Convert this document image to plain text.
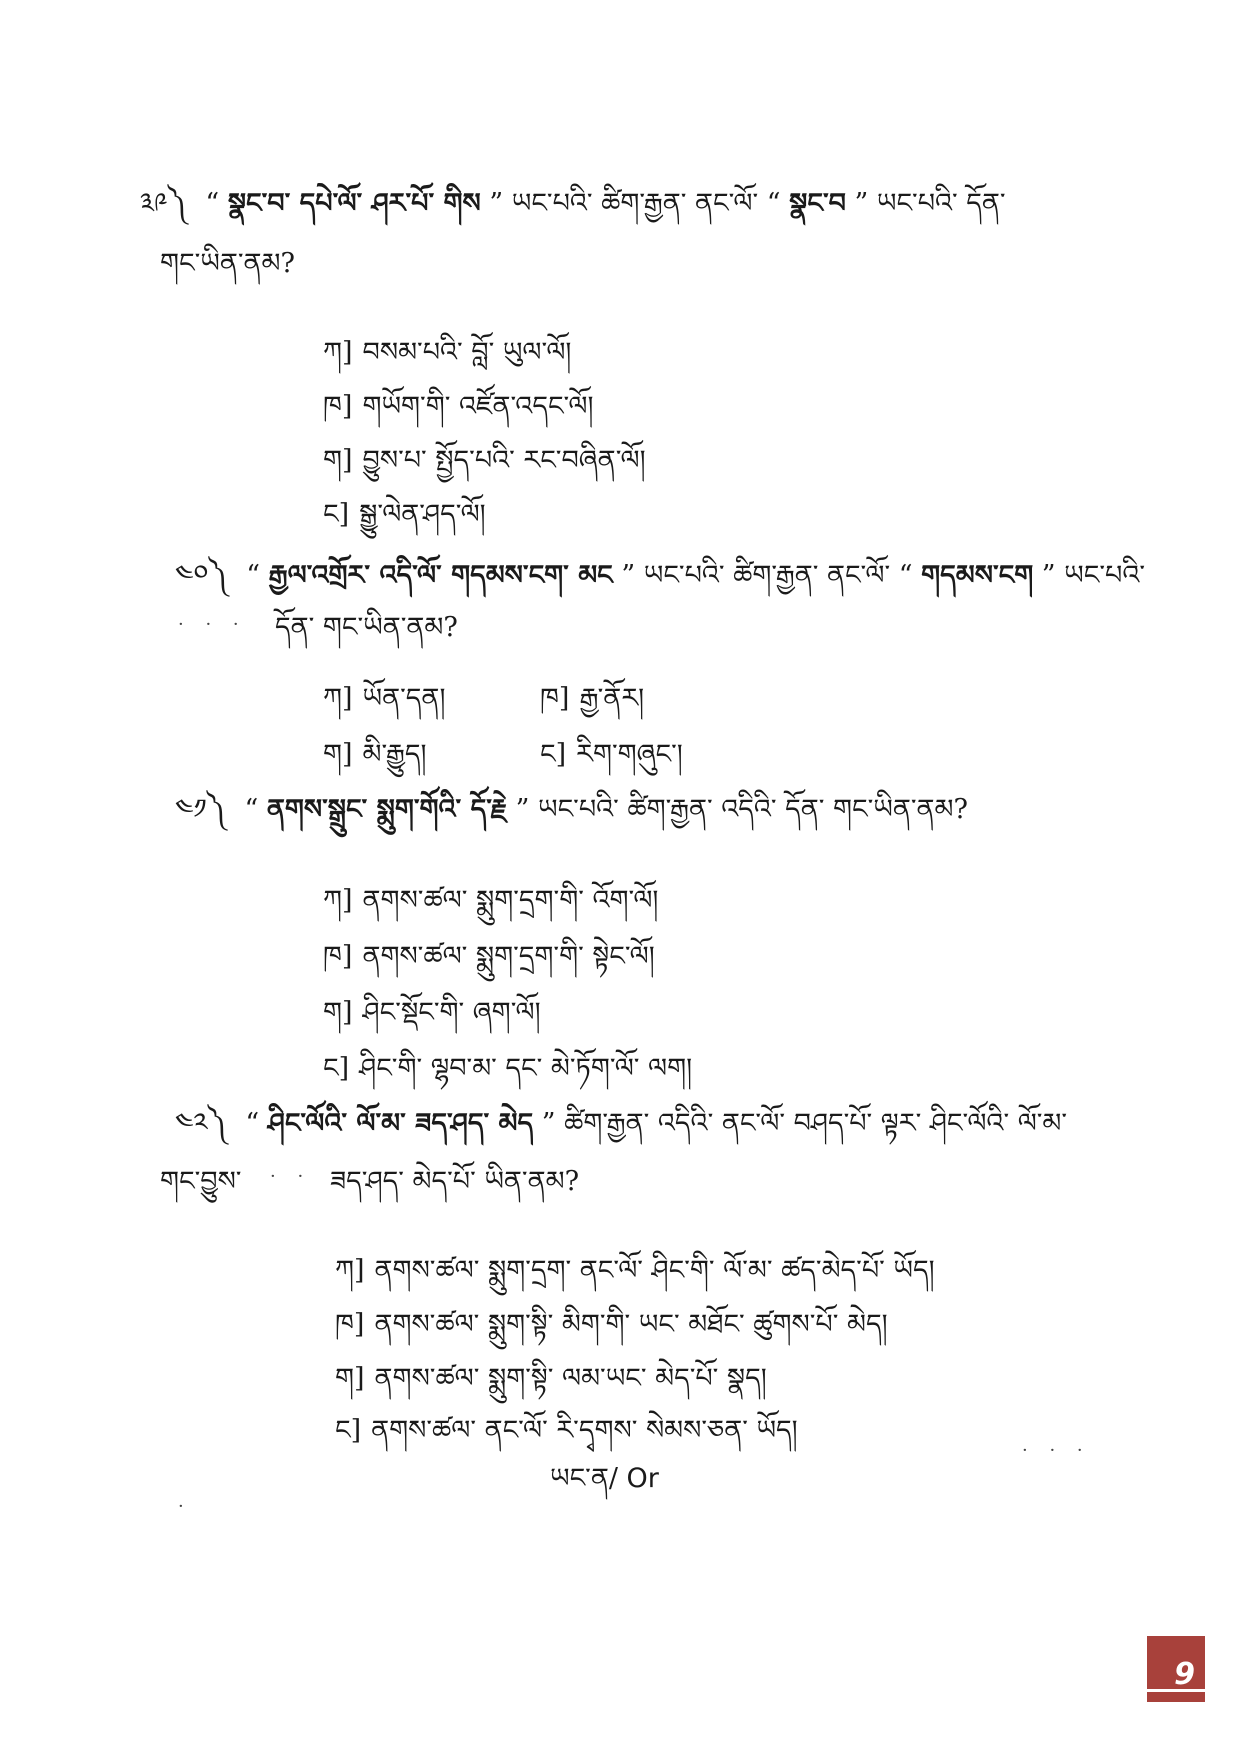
༣༩༽ “ སྣང་བ་ དཔེ་ལོ་ ཤར་པོ་ གིས ” ཡང་པའི་ ཚིག་རྒྱན་ ནང་ལོ་ “ སྣང་བ ” ཡང་པའི་ དོན་
གང་ཡིན་ནམ?
ཀ] བསམ་པའི་ བློ་ ཡུལ་ལོ།
ཁ] གཡོག་གི་ འཛོན་འདང་ལོ།
ག] བྱུས་པ་ སྤྱོད་པའི་ རང་བཞིན་ལོ།
ང] སྒྱུ་ལེན་ཤད་ལོ།
༤༠༽ “ རྒྱལ་འགྲོར་ འདི་ལོ་ གདམས་ངག་ མང ” ཡང་པའི་ ཚིག་རྒྱན་ ནང་ལོ་ “ གདམས་ངག ” ཡང་པའི་
· · · དོན་ གང་ཡིན་ནམ?
ཀ] ཡོན་དན།	ཁ] རྒྱ་ནོར།
ག] མི་རྒྱུད།	ང] རིག་གཞུང་།
༤༡༽ “ ནགས་སྒྲུང་ སྨུག་གོའི་ དོ་རྗེ ” ཡང་པའི་ ཚིག་རྒྱན་ འདིའི་ དོན་ གང་ཡིན་ནམ?
ཀ] ནགས་ཚལ་ སྨུག་དྲག་གི་ འོག་ལོ།
ཁ] ནགས་ཚལ་ སྨུག་དྲག་གི་ སྟེང་ལོ།
ག] ཤིང་སྡོང་གི་ ཞག་ལོ།
ང] ཤིང་གི་ ལྷབ་མ་ དང་ མེ་ཏོག་ལོ་ ལག།
༤༢༽ “ ཤིང་ལོའི་ ལོ་མ་ ཟད་ཤད་ མེད ” ཚིག་རྒྱན་ འདིའི་ ནང་ལོ་ བཤད་པོ་ ལྟར་ ཤིང་ལོའི་ ལོ་མ་
གང་བྱུས་ · · ཟད་ཤད་ མེད་པོ་ ཡིན་ནམ?
ཀ] ནགས་ཚལ་ སྨུག་དྲག་ ནང་ལོ་ ཤིང་གི་ ལོ་མ་ ཚད་མེད་པོ་ ཡོད།
ཁ] ནགས་ཚལ་ སྨུག་སྟི་ མིག་གི་ ཡང་ མཐོང་ ཚུགས་པོ་ མེད།
ག] ནགས་ཚལ་ སྨུག་སྟི་ ལམ་ཡང་ མེད་པོ་ སྣད།
ང] ནགས་ཚལ་ ནང་ལོ་ རི་དྭགས་ སེམས་ཅན་ ཡོད།
ཡང་ན/ Or
· · ·
·
9
